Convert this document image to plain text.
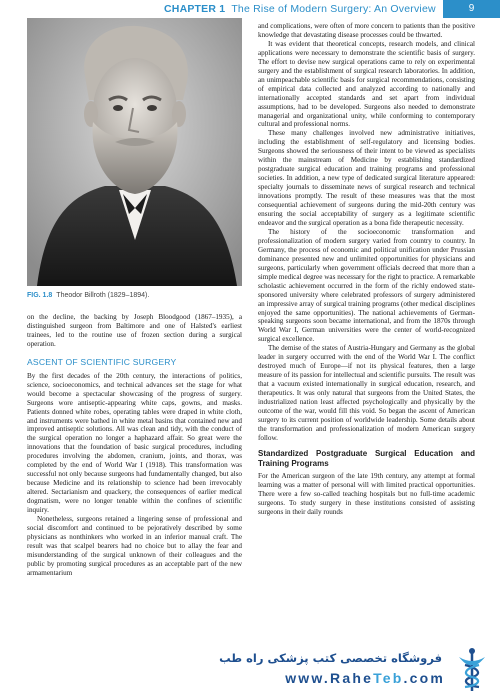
CHAPTER 1 The Rise of Modern Surgery: An Overview	9
FIG. 1.8 Theodor Billroth (1829–1894).

on the decline, the backing by Joseph Bloodgood (1867–1935), a distinguished surgeon from Baltimore and one of Halsted's earliest trainees, led to the routine use of frozen section during a surgical operation.

ASCENT OF SCIENTIFIC SURGERY

By the first decades of the 20th century, the interactions of politics, science, socioeconomics, and technical advances set the stage for what would become a spectacular showcasing of the progress of surgery. Surgeons wore antiseptic-appearing white caps, gowns, and masks. Patients donned white robes, operating tables were draped in white cloth, and instruments were bathed in white metal basins that contained new and improved antiseptic solutions. All was clean and tidy, with the conduct of the surgical operation no longer a haphazard affair. So great were the innovations that the foundation of basic surgical procedures, including procedures involving the abdomen, cranium, joints, and thorax, was completed by the end of World War I (1918). This transformation was successful not only because surgeons had fundamentally changed, but also because Medicine and its relationship to science had been irrevocably altered. Sectarianism and quackery, the consequences of earlier medical dogmatism, were no longer tenable within the confines of scientific inquiry.

Nonetheless, surgeons retained a lingering sense of professional and social discomfort and continued to be pejoratively described by some physicians as nonthinkers who worked in an inferior manual craft. The result was that scalpel bearers had no choice but to allay the fear and misunderstanding of the surgical unknown of their colleagues and the public by promoting surgical procedures as an acceptable part of the new armamentarium

and complications, were often of more concern to patients than the positive knowledge that devastating disease processes could be thwarted.

It was evident that theoretical concepts, research models, and clinical applications were necessary to demonstrate the scientific basis of surgery. The effort to devise new surgical operations came to rely on experimental surgery and the establishment of surgical research laboratories. In addition, an unimpeachable scientific basis for surgical recommendations, consisting of empirical data collected and analyzed according to nationally and internationally accepted standards and set apart from individual assumptions, had to be developed. Surgeons also needed to demonstrate managerial and organizational unity, while conforming to contemporary cultural and professional norms.

These many challenges involved new administrative initiatives, including the establishment of self-regulatory and licensing bodies. Surgeons showed the seriousness of their intent to be viewed as specialists within the mainstream of Medicine by establishing standardized postgraduate surgical education and training programs and professional societies. In addition, a new type of dedicated surgical literature appeared: specialty journals to disseminate news of surgical research and technical innovations promptly. The result of these measures was that the most consequential achievement of surgeons during the mid-20th century was ensuring the social acceptability of surgery as a legitimate scientific endeavor and the surgical operation as a bona fide therapeutic necessity.

The history of the socioeconomic transformation and professionalization of modern surgery varied from country to country. In Germany, the process of economic and political unification under Prussian dominance presented new and unlimited opportunities for physicians and surgeons, particularly when government officials decreed that more than a simple medical degree was necessary for the right to practice. A remarkable scholastic achievement occurred in the form of the richly endowed state-sponsored university where celebrated professors of surgery administered an impressive array of surgical training programs (other medical disciplines enjoyed the same opportunities). The national achievements of German-speaking surgeons soon became international, and from the 1870s through World War I, German universities were the center of world-recognized surgical excellence.

The demise of the states of Austria-Hungary and Germany as the global leader in surgery occurred with the end of the World War I. The conflict destroyed much of Europe—if not its physical features, then a large measure of its passion for intellectual and scientific pursuits. The result was that a vacuum existed internationally in surgical education, research, and therapeutics. It was only natural that surgeons from the United States, the industrialized nation least affected psychologically and physically by the outcome of the war, would fill this void. So began the ascent of American surgery to its current position of worldwide leadership. Some details about the transformation and professionalization of modern American surgery follow.

Standardized Postgraduate Surgical Education and Training Programs

For the American surgeon of the late 19th century, any attempt at formal learning was a matter of personal will with limited practical opportunities. There were a few so-called teaching hospitals but no full-time academic surgeons. To study surgery in these institutions consisted of assisting surgeons in their daily rounds

فروشگاه تخصصی کتب پزشکی راه طب
www.RaheTeb.com
